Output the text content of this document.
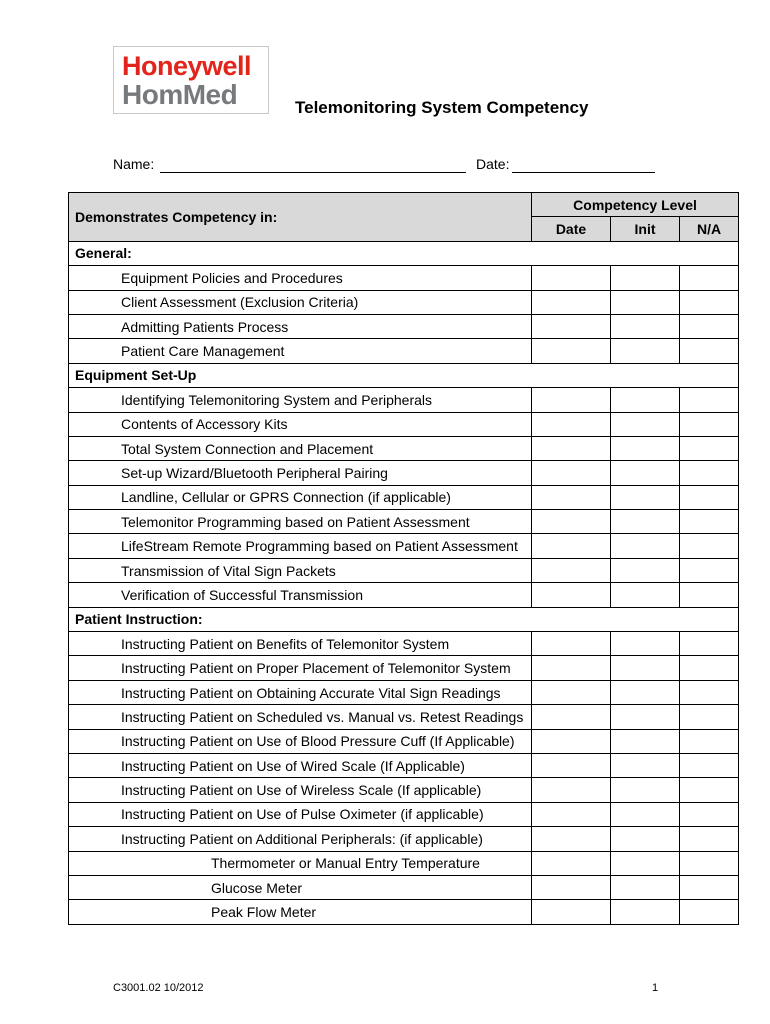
Honeywell
HomMed	Telemonitoring System Competency
Name:	Date:
Demonstrates Competency in:	Competency Level		
	Date	Init	N/A
General:			
Equipment Policies and Procedures			
Client Assessment (Exclusion Criteria)			
Admitting Patients Process			
Patient Care Management			
Equipment Set-Up			
Identifying Telemonitoring System and Peripherals			
Contents of Accessory Kits			
Total System Connection and Placement			
Set-up Wizard/Bluetooth Peripheral Pairing			
Landline, Cellular or GPRS Connection (if applicable)			
Telemonitor Programming based on Patient Assessment			
LifeStream Remote Programming based on Patient Assessment			
Transmission of Vital Sign Packets			
Verification of Successful Transmission			
Patient Instruction:			
Instructing Patient on Benefits of Telemonitor System			
Instructing Patient on Proper Placement of Telemonitor System			
Instructing Patient on Obtaining Accurate Vital Sign Readings			
Instructing Patient on Scheduled vs. Manual vs. Retest Readings			
Instructing Patient on Use of Blood Pressure Cuff (If Applicable)			
Instructing Patient on Use of Wired Scale (If Applicable)			
Instructing Patient on Use of Wireless Scale (If applicable)			
Instructing Patient on Use of Pulse Oximeter (if applicable)			
Instructing Patient on Additional Peripherals: (if applicable)			
Thermometer or Manual Entry Temperature			
Glucose Meter			
Peak Flow Meter			
C3001.02 10/2012	1
